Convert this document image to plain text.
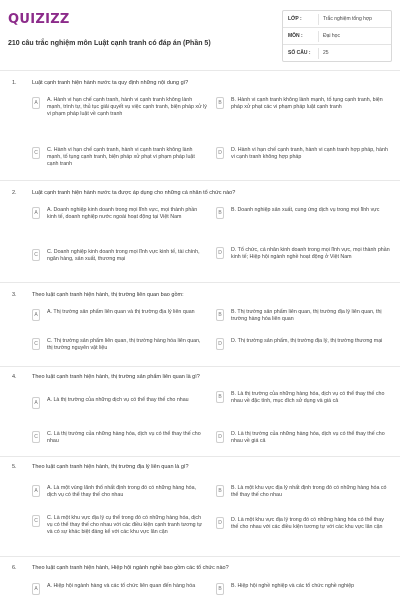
QUIZIZZ
210 câu trắc nghiệm môn Luật cạnh tranh có đáp án (Phần 5)
LỚP :	Trắc nghiệm tổng hợp
MÔN :	Đại học
SỐ CÂU :	25
1.	Luật cạnh tranh hiện hành nước ta quy định những nội dung gì?
A	A. Hành vi hạn chế cạnh tranh, hành vi cạnh tranh không lành mạnh, trình tự, thủ tục giải quyết vụ việc cạnh tranh, biện pháp xử lý vi phạm pháp luật về cạnh tranh
B	B. Hành vi cạnh tranh không lành mạnh, tố tụng cạnh tranh, biện pháp xử phạt các vi phạm pháp luật cạnh tranh
C	C. Hành vi hạn chế cạnh tranh, hành vi cạnh tranh không lành mạnh, tố tụng cạnh tranh, biện pháp xử phạt vi phạm pháp luật cạnh tranh
D	D. Hành vi hạn chế cạnh tranh, hành vi cạnh tranh hợp pháp, hành vi cạnh tranh không hợp pháp
2.	Luật cạnh tranh hiện hành nước ta được áp dụng cho những cá nhân tổ chức nào?
A	A. Doanh nghiệp kinh doanh trong mọi lĩnh vực, mọi thành phần kinh tế, doanh nghiệp nước ngoài hoạt động tại Việt Nam
B	B. Doanh nghiệp sản xuất, cung ứng dịch vụ trong mọi lĩnh vực
C	C. Doanh nghiệp kinh doanh trong mọi lĩnh vực kinh tế, tài chính, ngân hàng, sản xuất, thương mại
D	D. Tổ chức, cá nhân kinh doanh trong mọi lĩnh vực, mọi thành phần kinh tế; Hiệp hội ngành nghề hoạt động ở Việt Nam
3.	Theo luật cạnh tranh hiện hành, thị trường liên quan bao gồm:
A	A. Thị trường sản phẩm liên quan và thị trường địa lý liên quan	B	B. Thị trường sản phẩm liên quan, thị trường địa lý liên quan, thị trường hàng hóa liên quan
C	C. Thị trường sản phẩm liên quan, thị trường hàng hóa liên quan, thị trường nguyên vật liệu
D	D. Thị trường sản phẩm, thị trường địa lý, thị trường thương mại
4.	Theo luật cạnh tranh hiện hành, thị trường sản phẩm liên quan là gì?
A	A. Là thị trường của những dịch vụ có thể thay thế cho nhau	B	B. Là thị trường của những hàng hóa, dịch vụ có thể thay thế cho nhau về đặc tính, mục đích sử dụng và giá cả
C	C. Là thị trường của những hàng hóa, dịch vụ có thể thay thế cho nhau
D	D. Là thị trường của những hàng hóa, dịch vụ có thể thay thế cho nhau về giá cả
5.	Theo luật cạnh tranh hiện hành, thị trường địa lý liên quan là gì?
A	A. Là một vùng lãnh thổ nhất định trong đó có những hàng hóa, dịch vụ có thể thay thế cho nhau
B	B. Là một khu vực địa lý nhất định trong đó có những hàng hóa có thể thay thế cho nhau
C	C. Là một khu vực địa lý cụ thể trong đó có những hàng hóa, dịch vụ có thể thay thế cho nhau với các điều kiện cạnh tranh tương tự và có sự khác biệt đáng kể với các khu vực lân cận
D	D. Là một khu vực địa lý trong đó có những hàng hóa có thể thay thế cho nhau với các điều kiện tương tự với các khu vực lân cận
6.	Theo luật cạnh tranh hiện hành, Hiệp hội ngành nghề bao gồm các tổ chức nào?
A	A. Hiệp hội ngành hàng và các tổ chức liên quan đến hàng hóa	B	B. Hiệp hội nghề nghiệp và các tổ chức nghề nghiệp
